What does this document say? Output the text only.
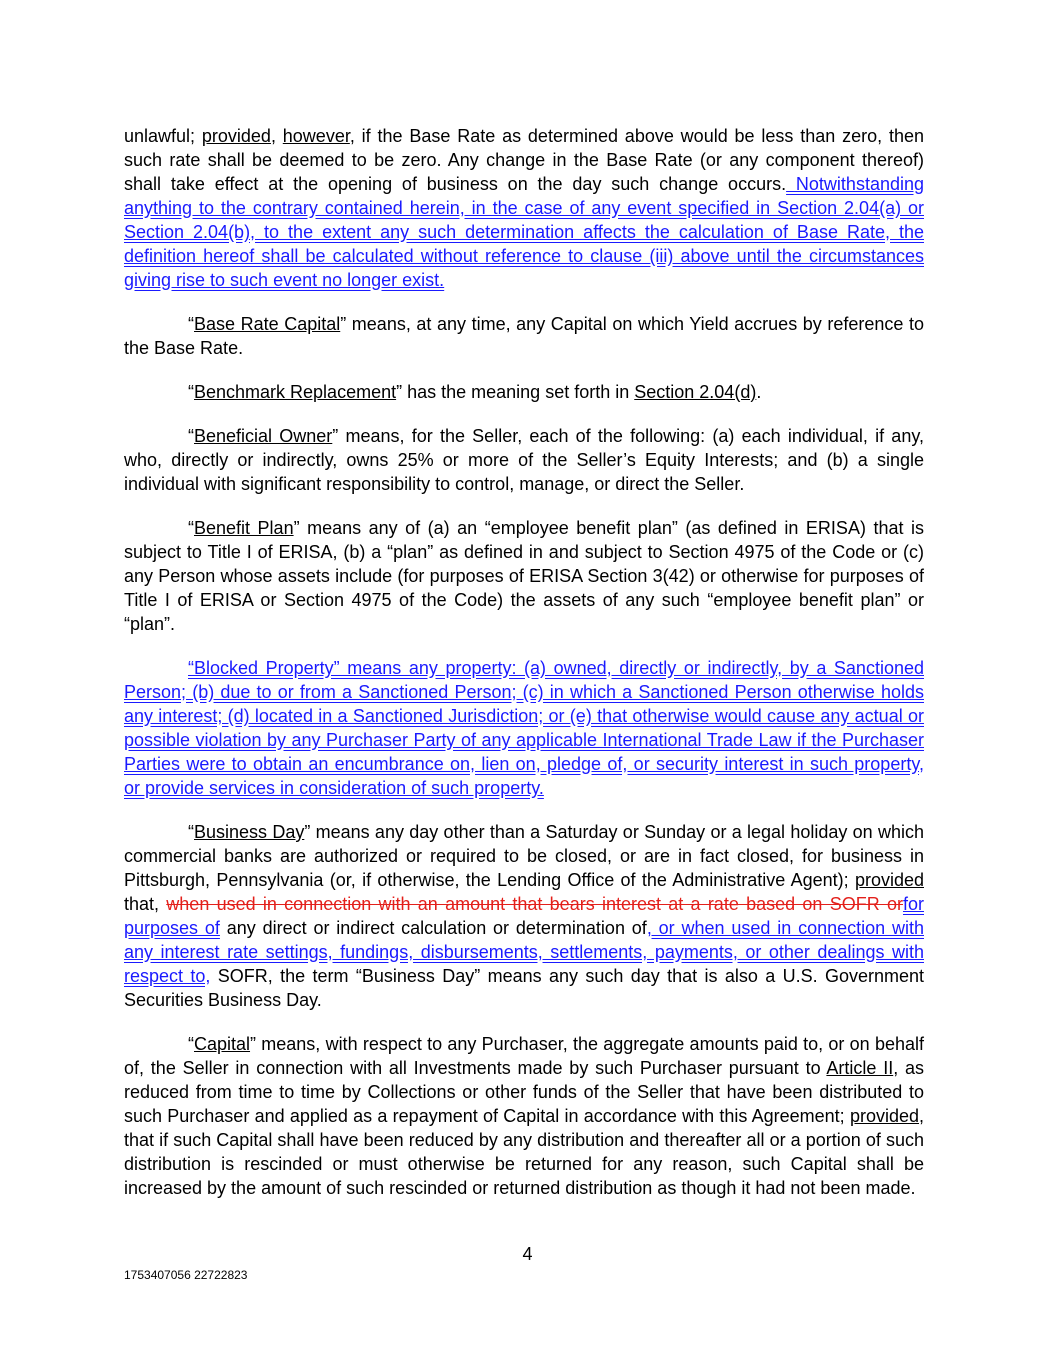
unlawful; provided, however, if the Base Rate as determined above would be less than zero, then such rate shall be deemed to be zero. Any change in the Base Rate (or any component thereof) shall take effect at the opening of business on the day such change occurs. Notwithstanding anything to the contrary contained herein, in the case of any event specified in Section 2.04(a) or Section 2.04(b), to the extent any such determination affects the calculation of Base Rate, the definition hereof shall be calculated without reference to clause (iii) above until the circumstances giving rise to such event no longer exist.

“Base Rate Capital” means, at any time, any Capital on which Yield accrues by reference to the Base Rate.

“Benchmark Replacement” has the meaning set forth in Section 2.04(d).

“Beneficial Owner” means, for the Seller, each of the following: (a) each individual, if any, who, directly or indirectly, owns 25% or more of the Seller’s Equity Interests; and (b) a single individual with significant responsibility to control, manage, or direct the Seller.

“Benefit Plan” means any of (a) an “employee benefit plan” (as defined in ERISA) that is subject to Title I of ERISA, (b) a “plan” as defined in and subject to Section 4975 of the Code or (c) any Person whose assets include (for purposes of ERISA Section 3(42) or otherwise for purposes of Title I of ERISA or Section 4975 of the Code) the assets of any such “employee benefit plan” or “plan”.

“Blocked Property” means any property: (a) owned, directly or indirectly, by a Sanctioned Person; (b) due to or from a Sanctioned Person; (c) in which a Sanctioned Person otherwise holds any interest; (d) located in a Sanctioned Jurisdiction; or (e) that otherwise would cause any actual or possible violation by any Purchaser Party of any applicable International Trade Law if the Purchaser Parties were to obtain an encumbrance on, lien on, pledge of, or security interest in such property, or provide services in consideration of such property.

“Business Day” means any day other than a Saturday or Sunday or a legal holiday on which commercial banks are authorized or required to be closed, or are in fact closed, for business in Pittsburgh, Pennsylvania (or, if otherwise, the Lending Office of the Administrative Agent); provided that, when used in connection with an amount that bears interest at a rate based on SOFR orfor purposes of any direct or indirect calculation or determination of, or when used in connection with any interest rate settings, fundings, disbursements, settlements, payments, or other dealings with respect to, SOFR, the term “Business Day” means any such day that is also a U.S. Government Securities Business Day.

“Capital” means, with respect to any Purchaser, the aggregate amounts paid to, or on behalf of, the Seller in connection with all Investments made by such Purchaser pursuant to Article II, as reduced from time to time by Collections or other funds of the Seller that have been distributed to such Purchaser and applied as a repayment of Capital in accordance with this Agreement; provided, that if such Capital shall have been reduced by any distribution and thereafter all or a portion of such distribution is rescinded or must otherwise be returned for any reason, such Capital shall be increased by the amount of such rescinded or returned distribution as though it had not been made.

4
1753407056 22722823
